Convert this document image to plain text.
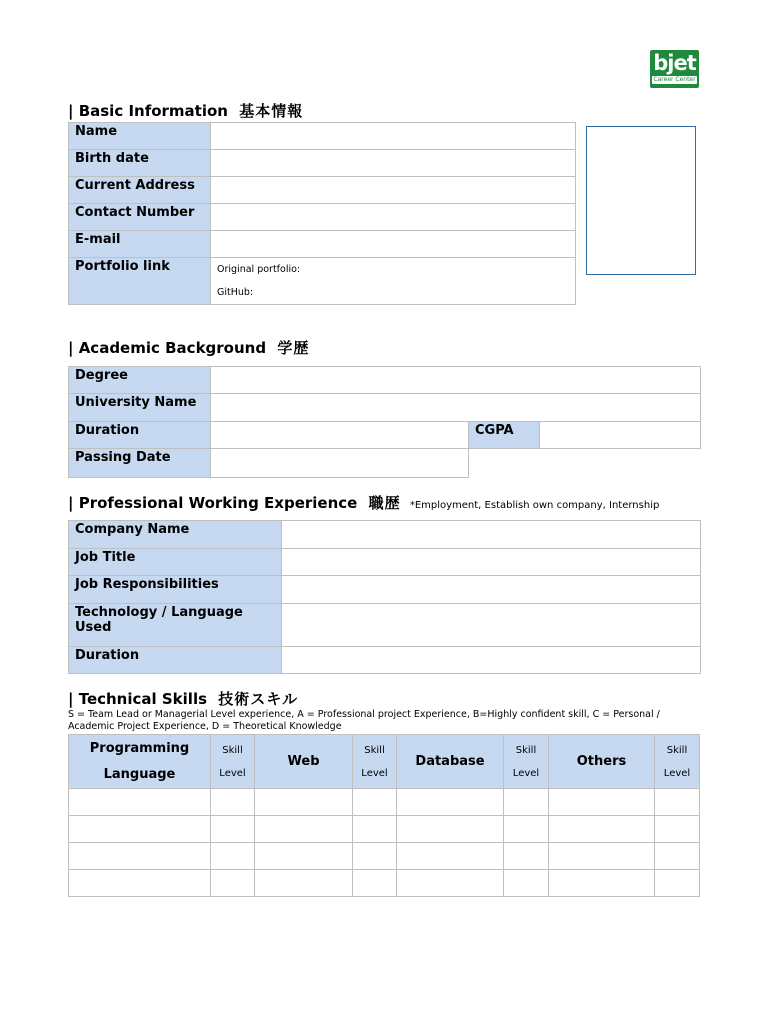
bjet
Career Center
| Basic Information 基本情報
Name	
Birth date	
Current Address	
Contact Number	
E-mail	
Portfolio link	Original portfolio:
GitHub:
| Academic Background 学歴
Degree			
University Name			
Duration		CGPA	
Passing Date			
| Professional Working Experience 職歴 *Employment, Establish own company, Internship
Company Name	
Job Title	
Job Responsibilities	
Technology / Language Used	
Duration	
| Technical Skills 技術スキル
S = Team Lead or Managerial Level experience, A = Professional project Experience, B=Highly confident skill, C = Personal / Academic Project Experience, D = Theoretical Knowledge
Programming Language	Skill Level	Web	Skill Level	Database	Skill Level	Others	Skill Level
